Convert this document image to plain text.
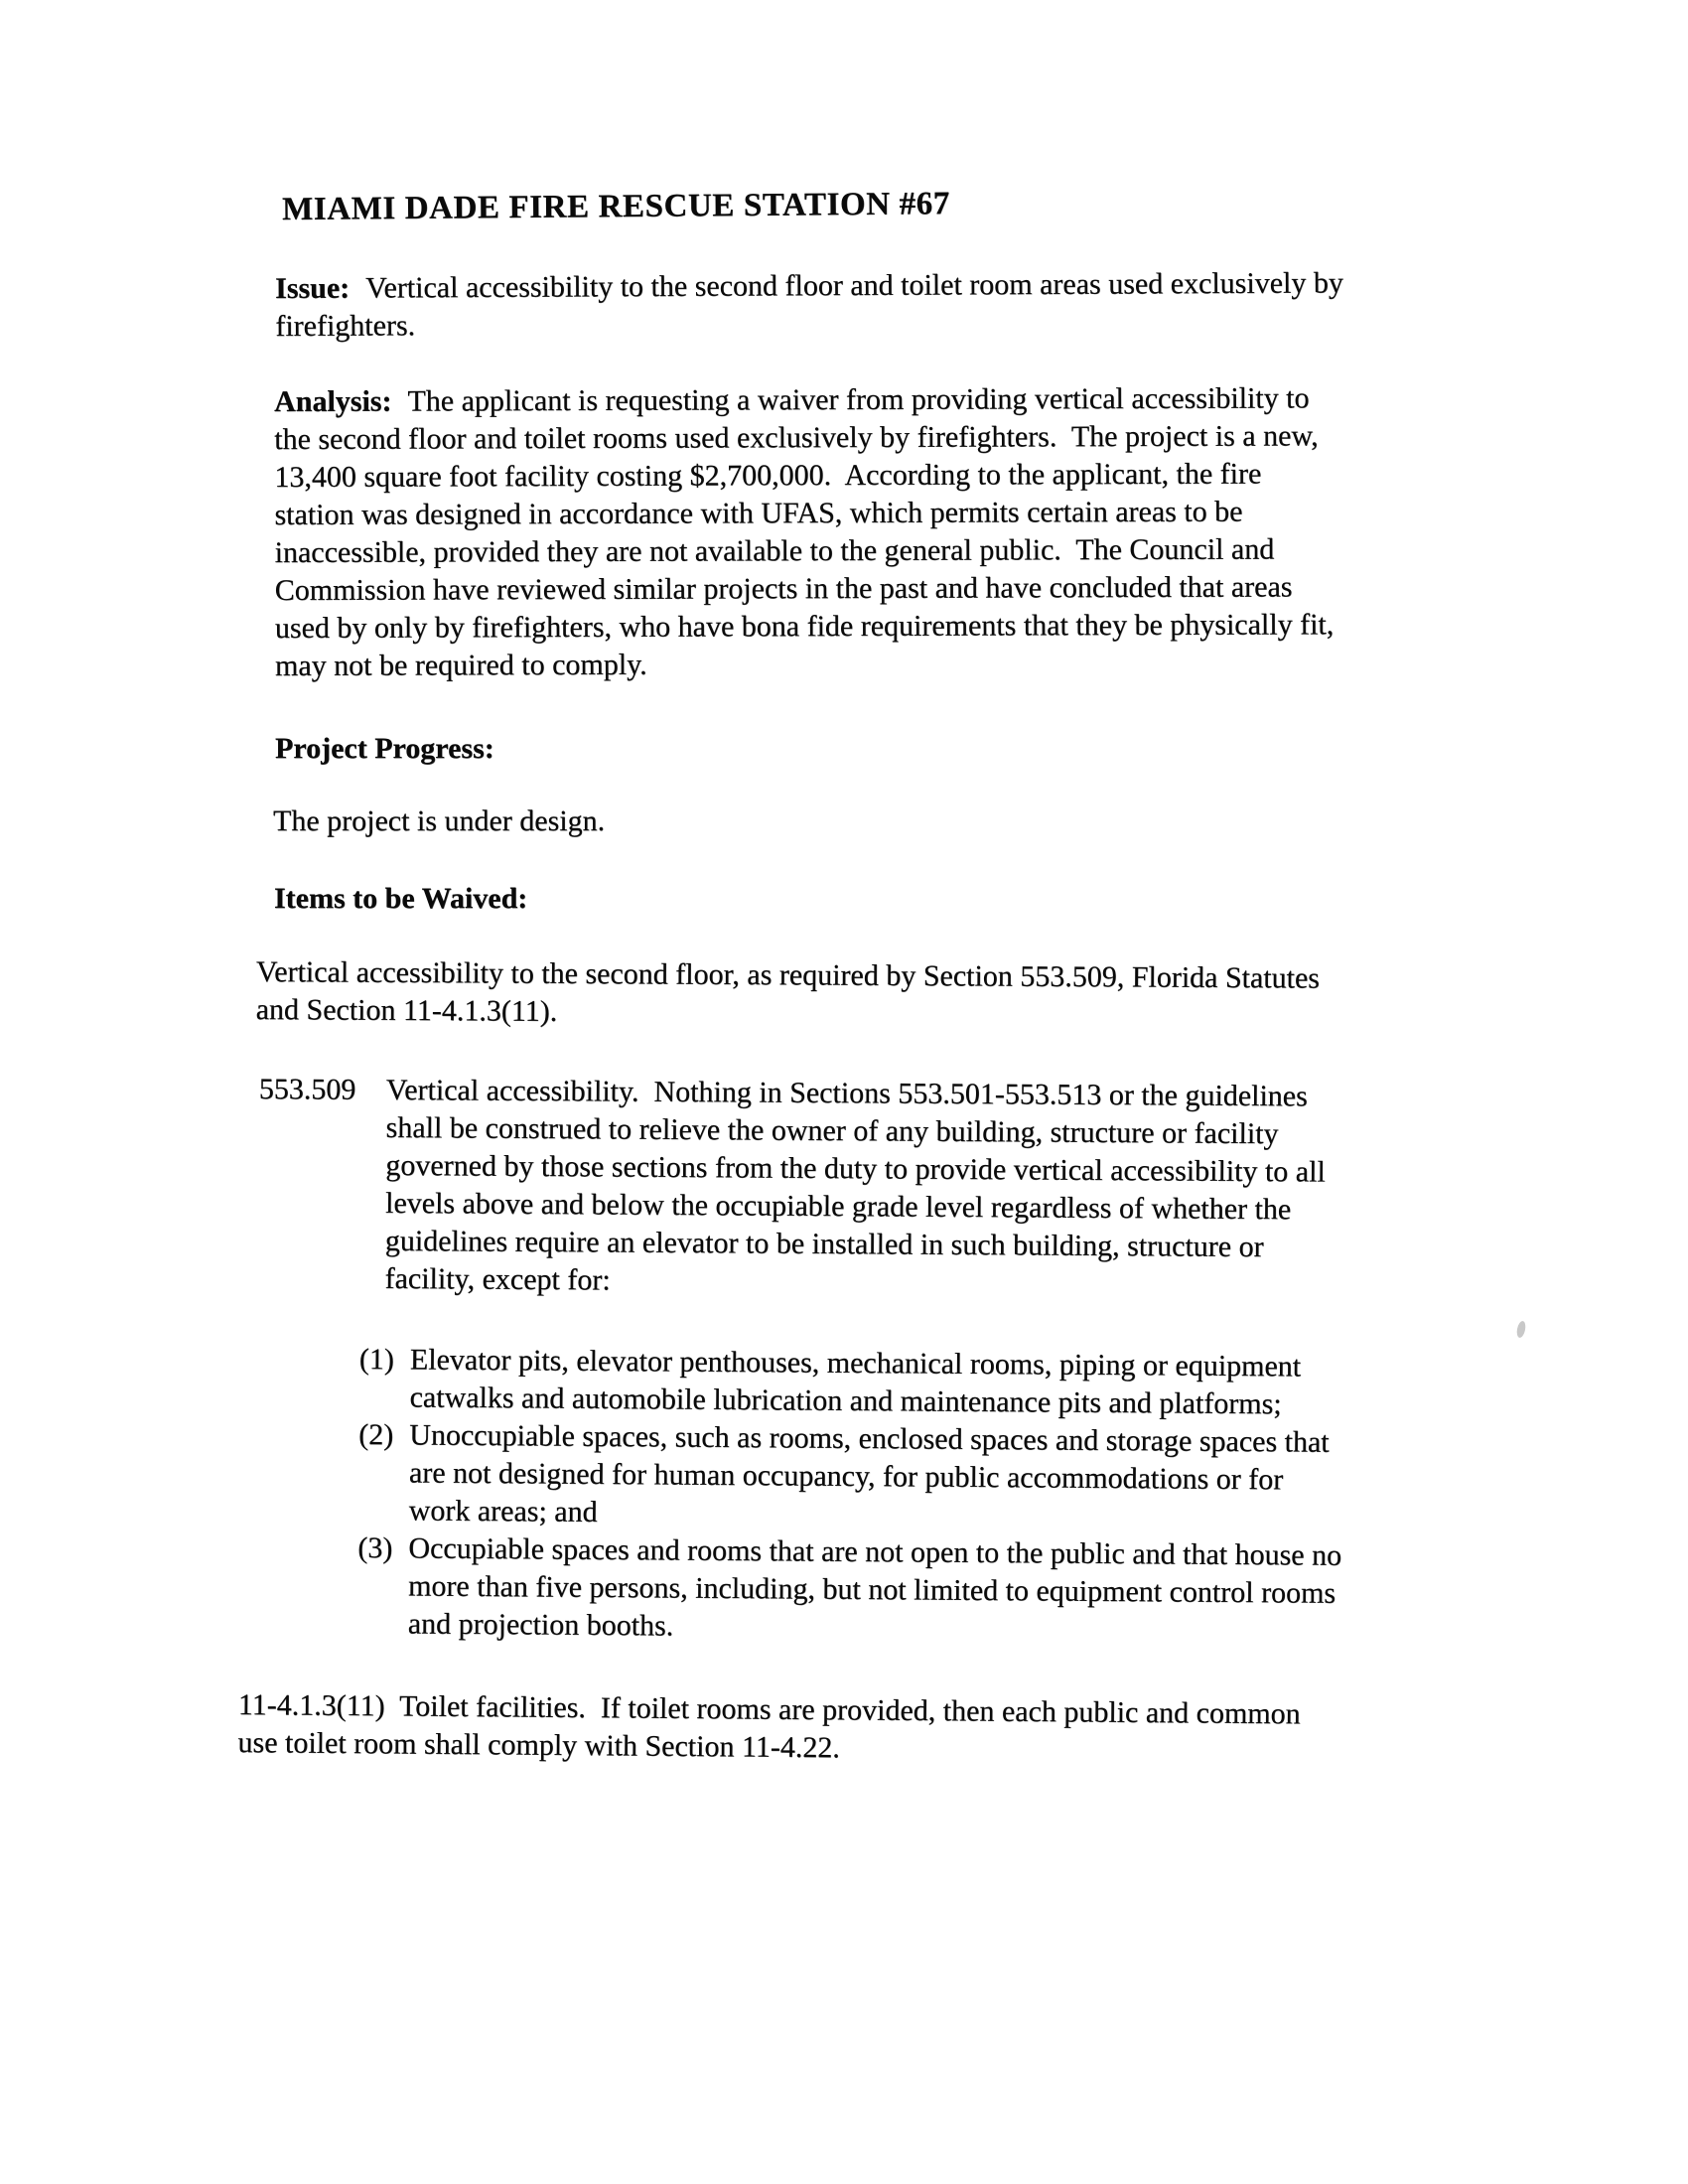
MIAMI DADE FIRE RESCUE STATION #67
Issue: Vertical accessibility to the second floor and toilet room areas used exclusively by
firefighters.
Analysis: The applicant is requesting a waiver from providing vertical accessibility to
the second floor and toilet rooms used exclusively by firefighters.  The project is a new,
13,400 square foot facility costing $2,700,000.  According to the applicant, the fire
station was designed in accordance with UFAS, which permits certain areas to be
inaccessible, provided they are not available to the general public.  The Council and
Commission have reviewed similar projects in the past and have concluded that areas
used by only by firefighters, who have bona fide requirements that they be physically fit,
may not be required to comply.
Project Progress:
The project is under design.
Items to be Waived:
Vertical accessibility to the second floor, as required by Section 553.509, Florida Statutes
and Section 11-4.1.3(11).
553.509	Vertical accessibility.  Nothing in Sections 553.501-553.513 or the guidelines
shall be construed to relieve the owner of any building, structure or facility
governed by those sections from the duty to provide vertical accessibility to all
levels above and below the occupiable grade level regardless of whether the
guidelines require an elevator to be installed in such building, structure or
facility, except for:
(1) Elevator pits, elevator penthouses, mechanical rooms, piping or equipment
catwalks and automobile lubrication and maintenance pits and platforms;
(2) Unoccupiable spaces, such as rooms, enclosed spaces and storage spaces that
are not designed for human occupancy, for public accommodations or for
work areas; and
(3) Occupiable spaces and rooms that are not open to the public and that house no
more than five persons, including, but not limited to equipment control rooms
and projection booths.
11-4.1.3(11)  Toilet facilities.  If toilet rooms are provided, then each public and common
use toilet room shall comply with Section 11-4.22.
